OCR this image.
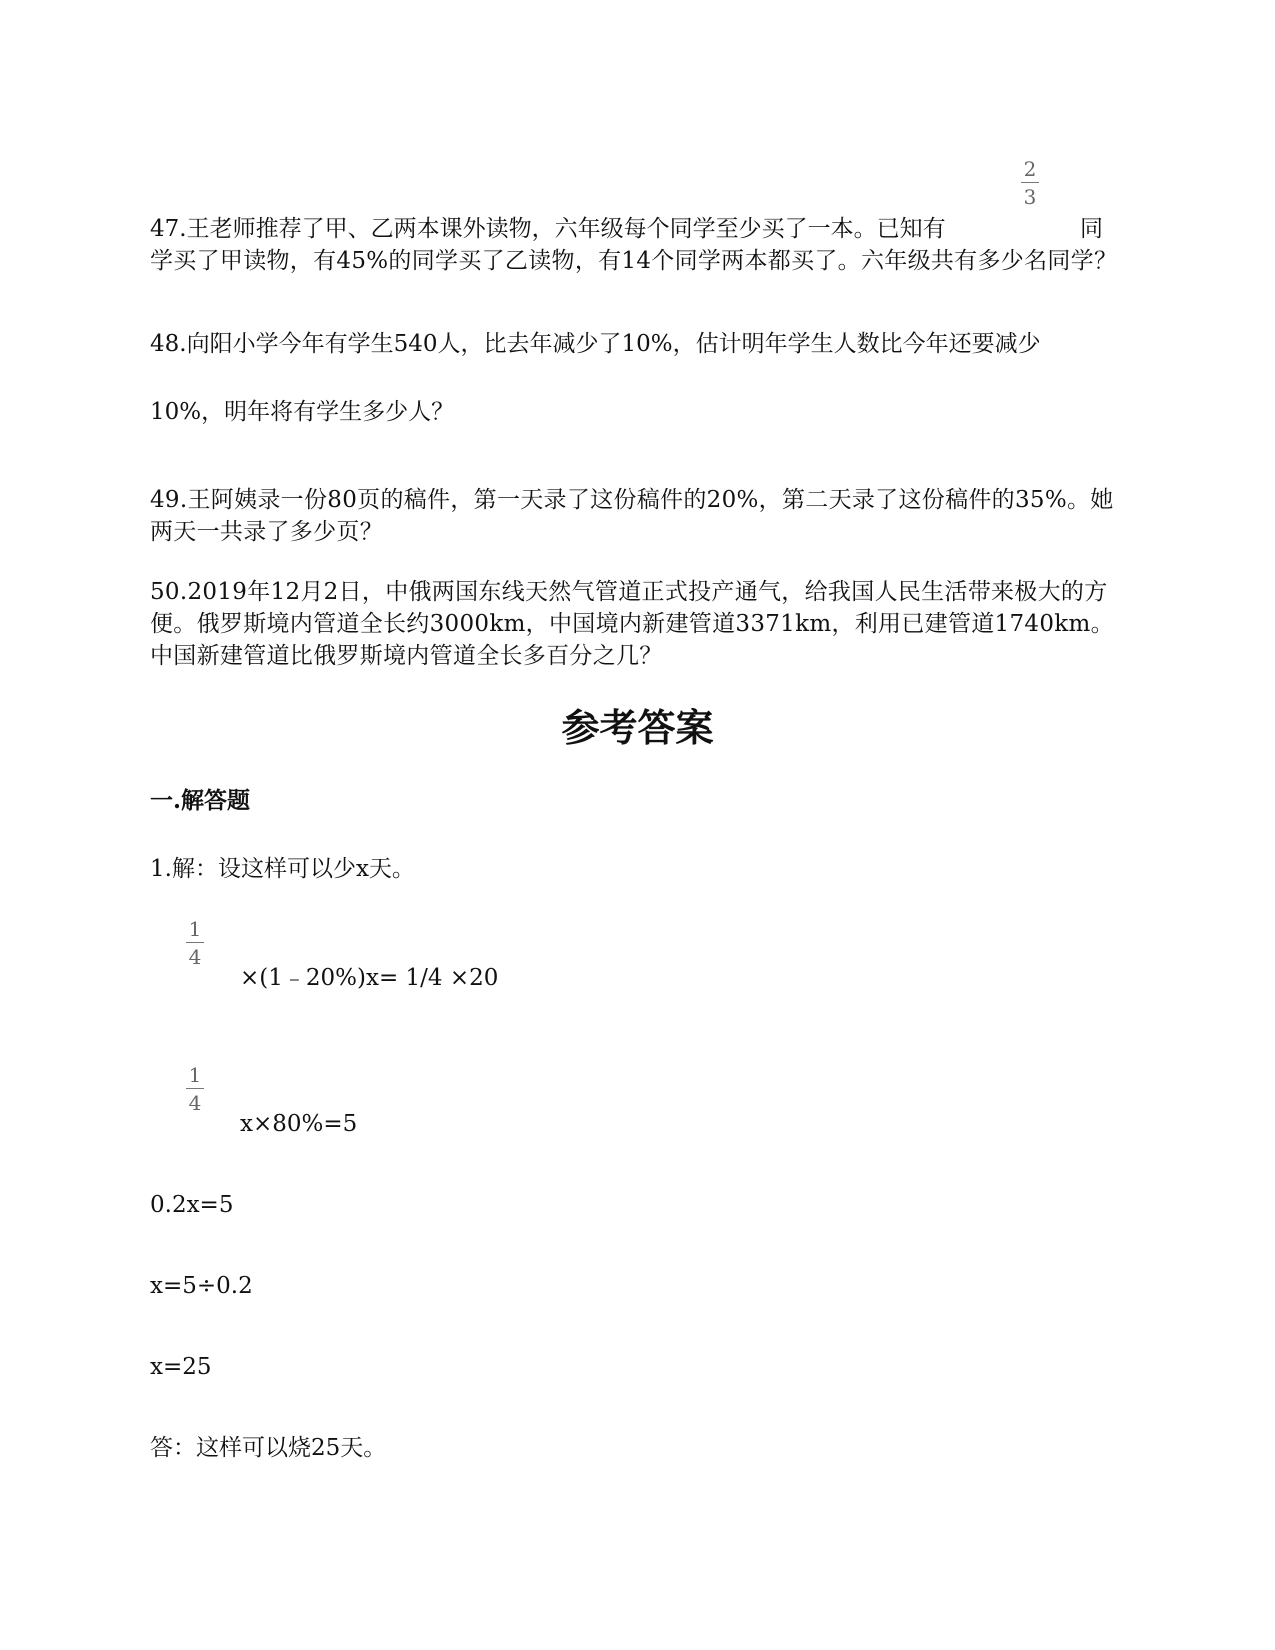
2
3
47.王老师推荐了甲、乙两本课外读物，六年级每个同学至少买了一本。已知有	同
学买了甲读物，有45%的同学买了乙读物，有14个同学两本都买了。六年级共有多少名同学？
48.向阳小学今年有学生540人，比去年减少了10%，估计明年学生人数比今年还要减少
10%，明年将有学生多少人？
49.王阿姨录一份80页的稿件，第一天录了这份稿件的20%，第二天录了这份稿件的35%。她两天一共录了多少页？
50.2019年12月2日，中俄两国东线天然气管道正式投产通气，给我国人民生活带来极大的方便。俄罗斯境内管道全长约3000km，中国境内新建管道3371km，利用已建管道1740km。中国新建管道比俄罗斯境内管道全长多百分之几？
参考答案
一.解答题
1.解：设这样可以少x天。
1
4
×(1﹣20%)x= 1/4 ×20
1
4
x×80%=5
0.2x=5
x=5÷0.2
x=25
答：这样可以烧25天。
